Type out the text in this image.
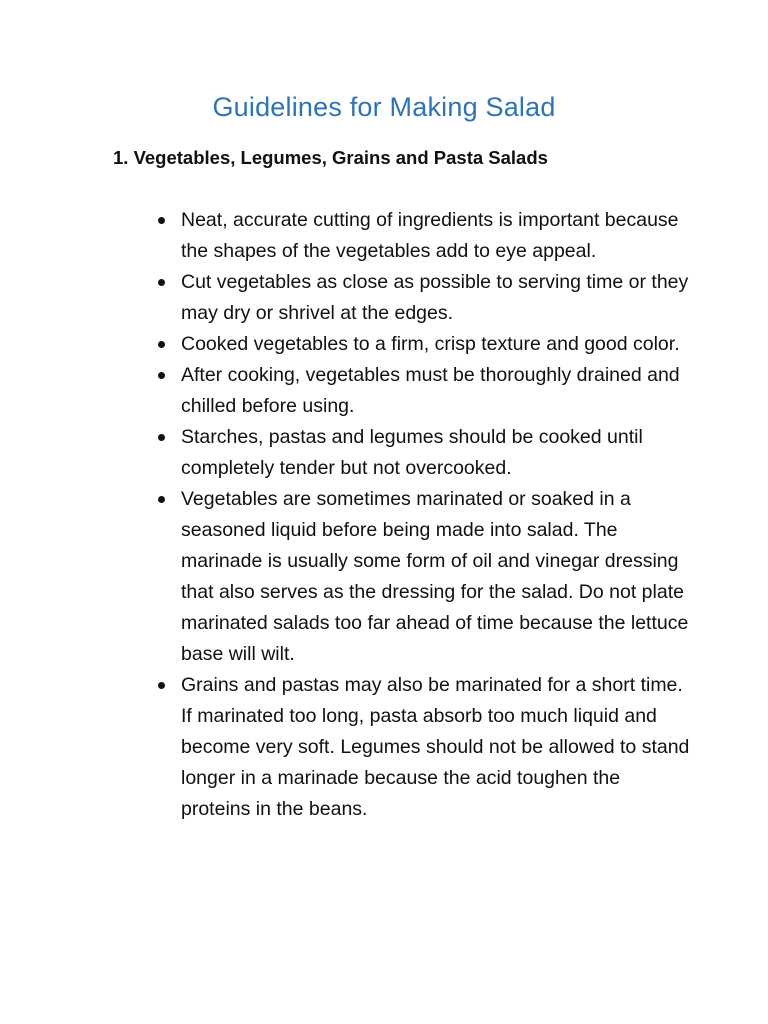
Guidelines for Making Salad
1. Vegetables, Legumes, Grains and Pasta Salads
Neat, accurate cutting of ingredients is important because the shapes of the vegetables add to eye appeal.
Cut vegetables as close as possible to serving time or they may dry or shrivel at the edges.
Cooked vegetables to a firm, crisp texture and good color.
After cooking, vegetables must be thoroughly drained and chilled before using.
Starches, pastas and legumes should be cooked until completely tender but not overcooked.
Vegetables are sometimes marinated or soaked in a seasoned liquid before being made into salad. The marinade is usually some form of oil and vinegar dressing that also serves as the dressing for the salad. Do not plate marinated salads too far ahead of time because the lettuce base will wilt.
Grains and pastas may also be marinated for a short time. If marinated too long, pasta absorb too much liquid and become very soft. Legumes should not be allowed to stand longer in a marinade because the acid toughen the proteins in the beans.
